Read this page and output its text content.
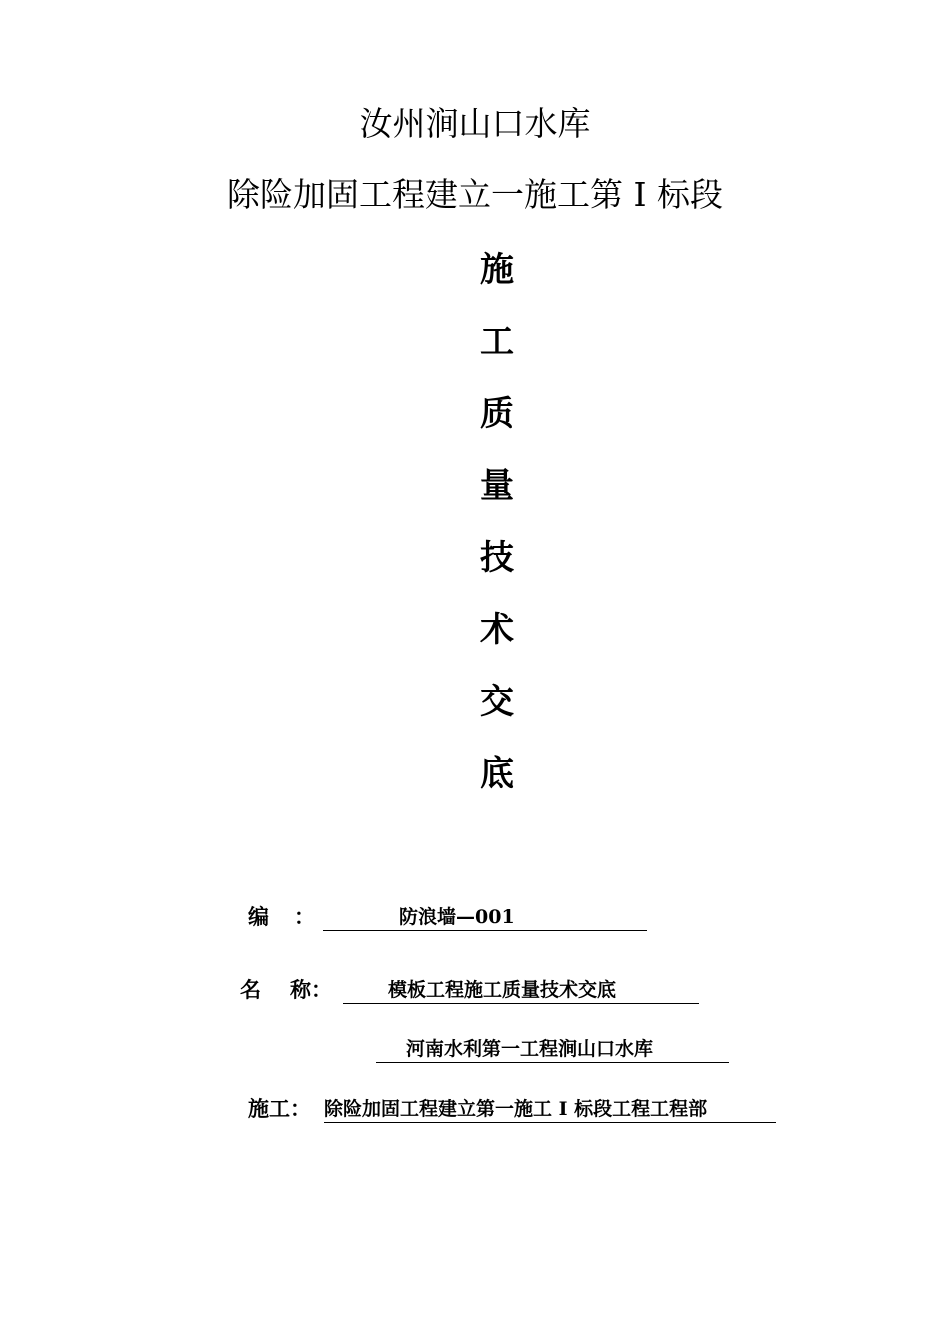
汝州涧山口水库
除险加固工程建立一施工第 I 标段
施
工
质
量
技
术
交
底
编 ：

	防浪墙—001

名 称：

	模板工程施工质量技术交底

河南水利第一工程涧山口水库

施工：

除险加固工程建立第一施工 I 标段工程工程部
